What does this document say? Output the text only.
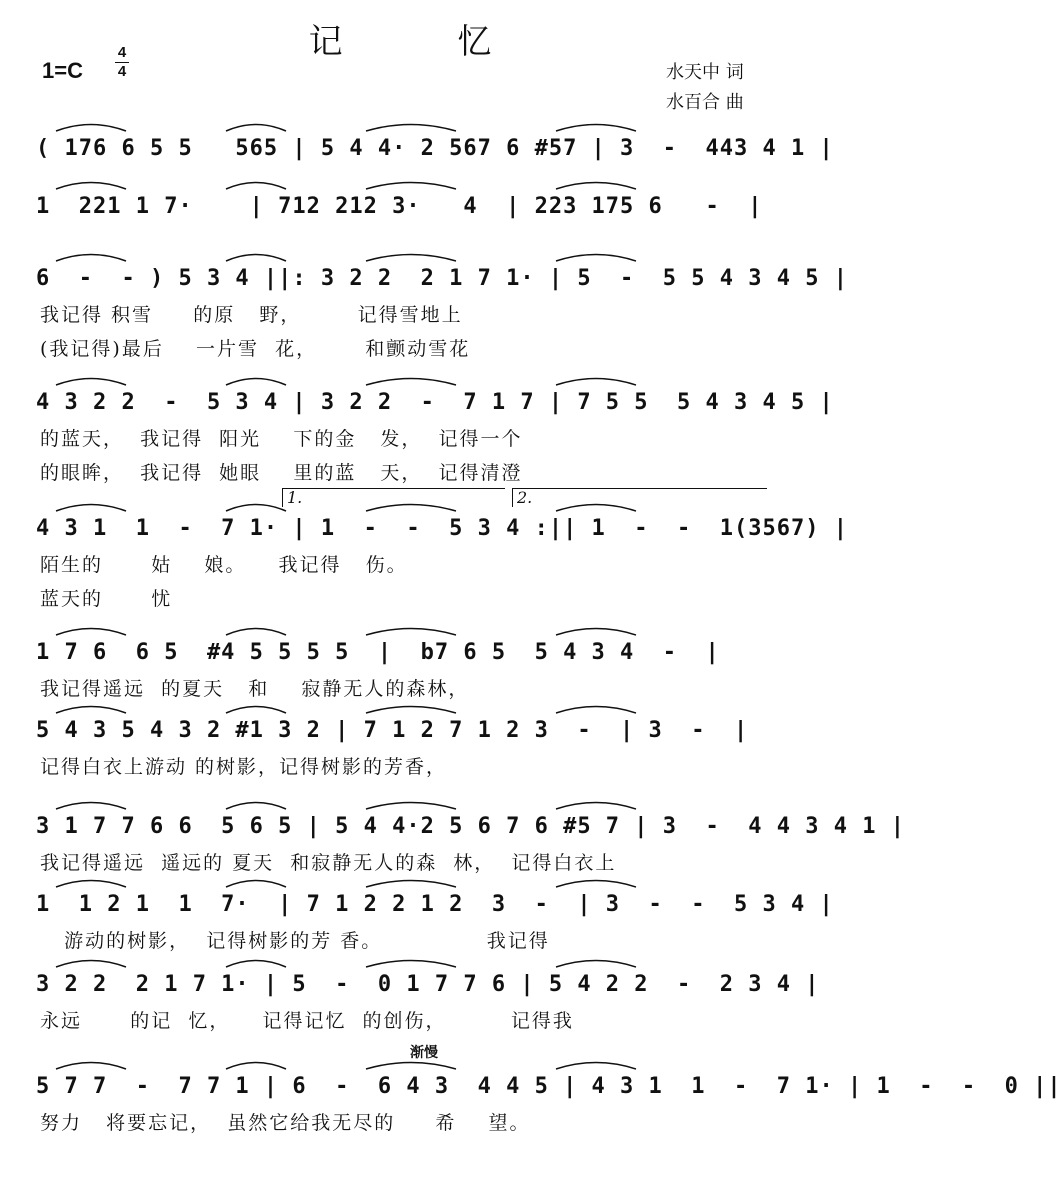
记 忆
1=C
4
4	水天中 词
水百合 曲
1.	2.
渐慢
( 176 6 5 5   565 | 5 4 4· 2 567 6 #57 | 3  -  443 4 1 |
1  221 1 7·    | 712 212 3·   4  | 223 175 6   -  |
6  -  - ) 5 3 4 ||: 3 2 2  2 1 7 1· | 5  -  5 5 4 3 4 5 |
我记得 积雪     的原   野，       记得雪地上
(我记得)最后    一片雪  花，      和颤动雪花
4 3 2 2  -  5 3 4 | 3 2 2  -  7 1 7 | 7 5 5  5 4 3 4 5 |
的蓝天，  我记得  阳光    下的金   发，  记得一个
的眼眸，  我记得  她眼    里的蓝   天，  记得清澄
4 3 1  1  -  7 1· | 1  -  -  5 3 4 :|| 1  -  -  1(3567) |
陌生的      姑    娘。    我记得   伤。
蓝天的      忧
1 7 6  6 5  #4 5 5 5 5  |  b7 6 5  5 4 3 4  -  |
我记得遥远  的夏天   和    寂静无人的森林，
5 4 3 5 4 3 2 #1 3 2 | 7 1 2 7 1 2 3  -  | 3  -  |
记得白衣上游动 的树影，记得树影的芳香，
3 1 7 7 6 6  5 6 5 | 5 4 4·2 5 6 7 6 #5 7 | 3  -  4 4 3 4 1 |
我记得遥远  遥远的 夏天  和寂静无人的森  林，  记得白衣上
1  1 2 1  1  7·  | 7 1 2 2 1 2  3  -  | 3  -  -  5 3 4 |
游动的树影，  记得树影的芳 香。             我记得
3 2 2  2 1 7 1· | 5  -  0 1 7 7 6 | 5 4 2 2  -  2 3 4 |
永远      的记  忆，    记得记忆  的创伤，        记得我
5 7 7  -  7 7 1 | 6  -  6 4 3  4 4 5 | 4 3 1  1  -  7 1· | 1  -  -  0 ||
努力   将要忘记，  虽然它给我无尽的     希    望。
